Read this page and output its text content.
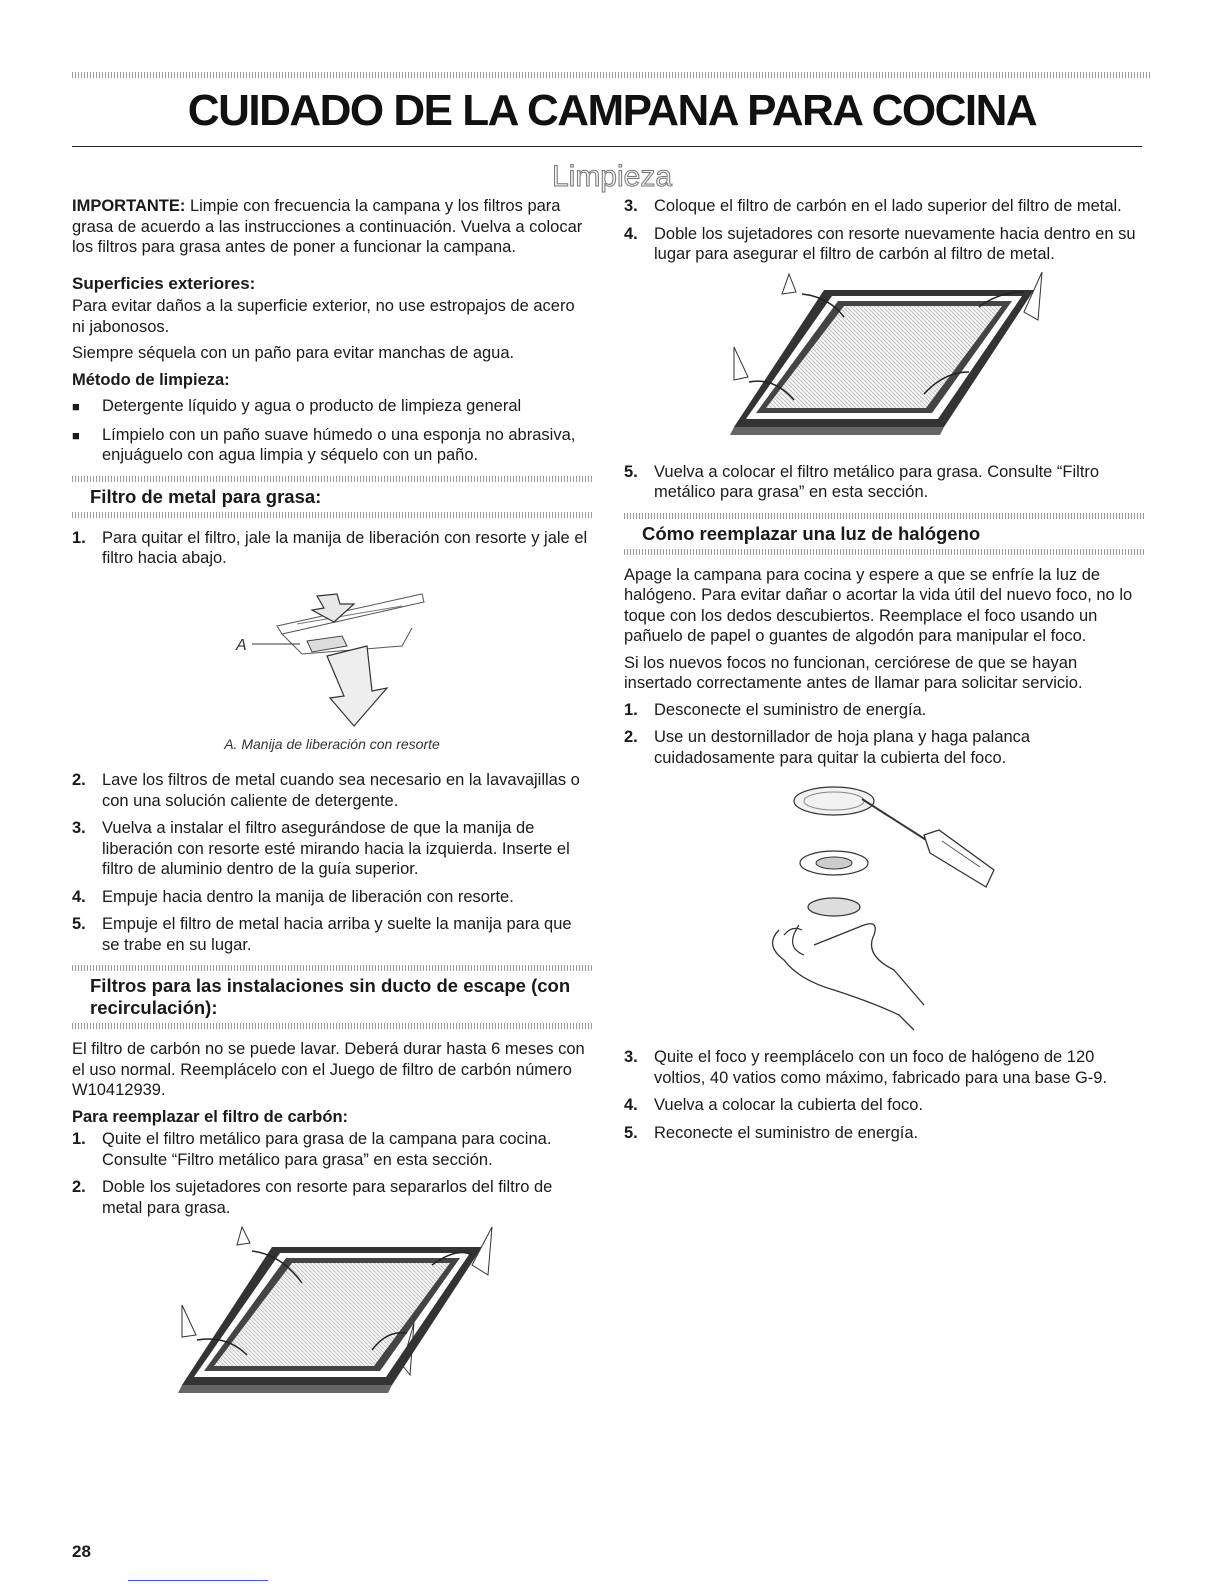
CUIDADO DE LA CAMPANA PARA COCINA
Limpieza

IMPORTANTE: Limpie con frecuencia la campana y los filtros para grasa de acuerdo a las instrucciones a continuación. Vuelva a colocar los filtros para grasa antes de poner a funcionar la campana.

Superficies exteriores:

Para evitar daños a la superficie exterior, no use estropajos de acero ni jabonosos.

Siempre séquela con un paño para evitar manchas de agua.

Método de limpieza:
■	Detergente líquido y agua o producto de limpieza general
■	Límpielo con un paño suave húmedo o una esponja no abrasiva, enjuáguelo con agua limpia y séquelo con un paño.
Filtro de metal para grasa:
1. Para quitar el filtro, jale la manija de liberación con resorte y jale el filtro hacia abajo.
A
A. Manija de liberación con resorte
2. Lave los filtros de metal cuando sea necesario en la lavavajillas o con una solución caliente de detergente.
3. Vuelva a instalar el filtro asegurándose de que la manija de liberación con resorte esté mirando hacia la izquierda. Inserte el filtro de aluminio dentro de la guía superior.
4. Empuje hacia dentro la manija de liberación con resorte.
5. Empuje el filtro de metal hacia arriba y suelte la manija para que se trabe en su lugar.
Filtros para las instalaciones sin ducto de escape (con recirculación):

El filtro de carbón no se puede lavar. Deberá durar hasta 6 meses con el uso normal. Reemplácelo con el Juego de filtro de carbón número W10412939.

Para reemplazar el filtro de carbón:
1. Quite el filtro metálico para grasa de la campana para cocina. Consulte “Filtro metálico para grasa” en esta sección.
2. Doble los sujetadores con resorte para separarlos del filtro de metal para grasa.
3. Coloque el filtro de carbón en el lado superior del filtro de metal.
4. Doble los sujetadores con resorte nuevamente hacia dentro en su lugar para asegurar el filtro de carbón al filtro de metal.
5. Vuelva a colocar el filtro metálico para grasa. Consulte “Filtro metálico para grasa” en esta sección.
Cómo reemplazar una luz de halógeno

Apage la campana para cocina y espere a que se enfríe la luz de halógeno. Para evitar dañar o acortar la vida útil del nuevo foco, no lo toque con los dedos descubiertos. Reemplace el foco usando un pañuelo de papel o guantes de algodón para manipular el foco.

Si los nuevos focos no funcionan, cerciórese de que se hayan insertado correctamente antes de llamar para solicitar servicio.

1. Desconecte el suministro de energía.
2. Use un destornillador de hoja plana y haga palanca cuidadosamente para quitar la cubierta del foco.
3. Quite el foco y reemplácelo con un foco de halógeno de 120 voltios, 40 vatios como máximo, fabricado para una base G-9.
4. Vuelva a colocar la cubierta del foco.
5. Reconecte el suministro de energía.
28
